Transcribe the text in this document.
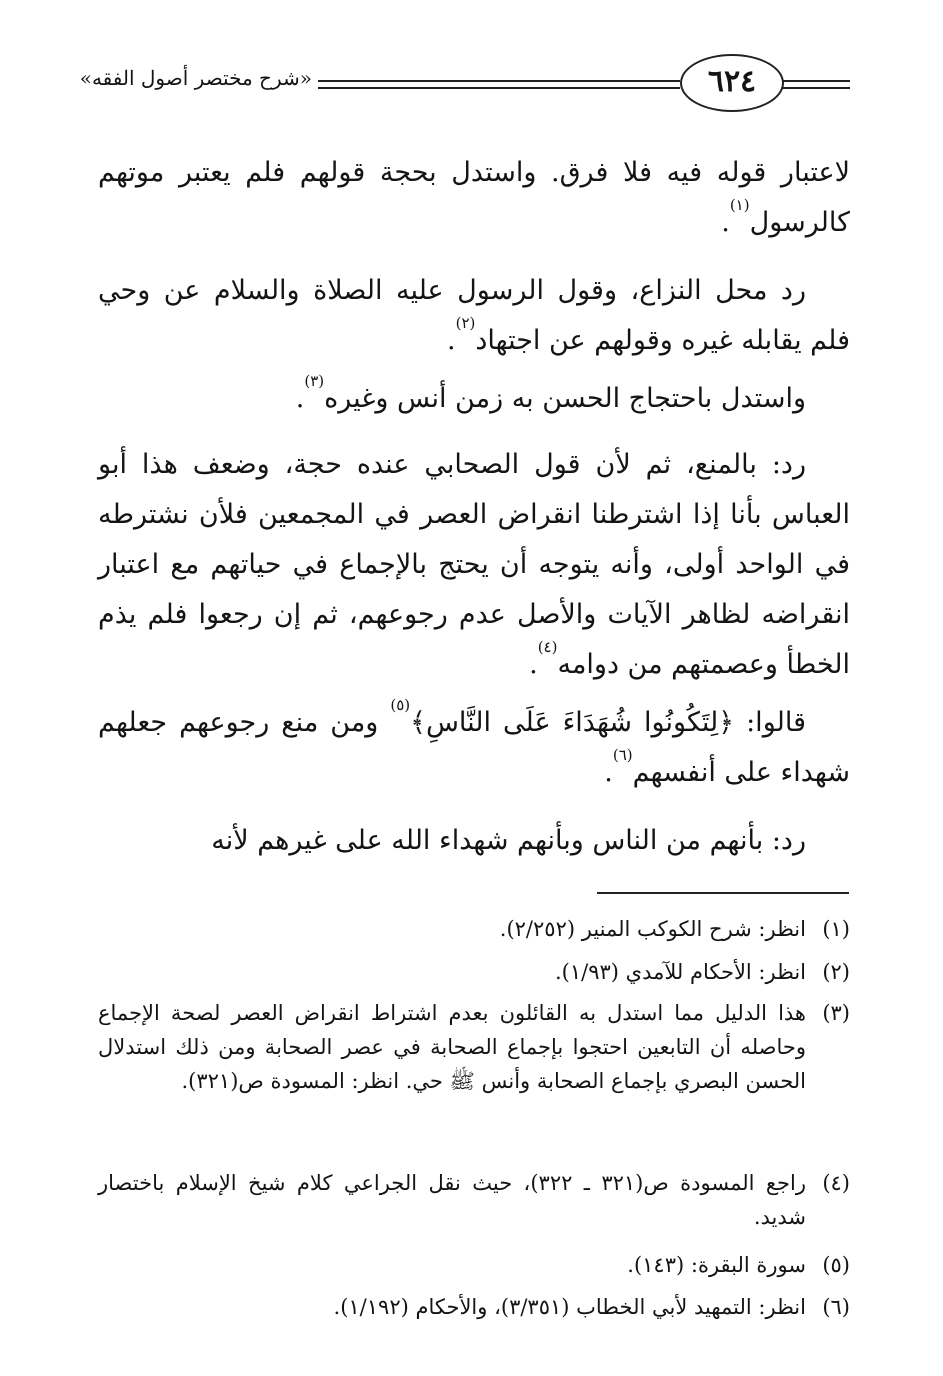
«شرح مختصر أصول الفقه»	٦٢٤
لاعتبار قوله فيه فلا فرق. واستدل بحجة قولهم فلم يعتبر موتهم كالرسول$^{(١)}$.
رد محل النزاع، وقول الرسول عليه الصلاة والسلام عن وحي فلم يقابله غيره وقولهم عن اجتهاد$^{(٢)}$.
واستدل باحتجاج الحسن به زمن أنس وغيره$^{(٣)}$.
رد: بالمنع، ثم لأن قول الصحابي عنده حجة، وضعف هذا أبو العباس بأنا إذا اشترطنا انقراض العصر في المجمعين فلأن نشترطه في الواحد أولى، وأنه يتوجه أن يحتج بالإجماع في حياتهم مع اعتبار انقراضه لظاهر الآيات والأصل عدم رجوعهم، ثم إن رجعوا فلم يذم الخطأ وعصمتهم من دوامه$^{(٤)}$.
قالوا: ﴿لِتَكُونُوا شُهَدَاءَ عَلَى النَّاسِ﴾$^{(٥)}$ ومن منع رجوعهم جعلهم شهداء على أنفسهم$^{(٦)}$.
رد: بأنهم من الناس وبأنهم شهداء الله على غيرهم لأنه
(١)
انظر: شرح الكوكب المنير (٢/٢٥٢).
(٢)
انظر: الأحكام للآمدي (١/٩٣).
(٣)
هذا الدليل مما استدل به القائلون بعدم اشتراط انقراض العصر لصحة الإجماع وحاصله أن التابعين احتجوا بإجماع الصحابة في عصر الصحابة ومن ذلك استدلال الحسن البصري بإجماع الصحابة وأنس ﷺ حي. انظر: المسودة ص(٣٢١).
(٤)
راجع المسودة ص(٣٢١ ـ ٣٢٢)، حيث نقل الجراعي كلام شيخ الإسلام باختصار شديد.
(٥)
سورة البقرة: (١٤٣).
(٦)
انظر: التمهيد لأبي الخطاب (٣/٣٥١)، والأحكام (١/١٩٢).
